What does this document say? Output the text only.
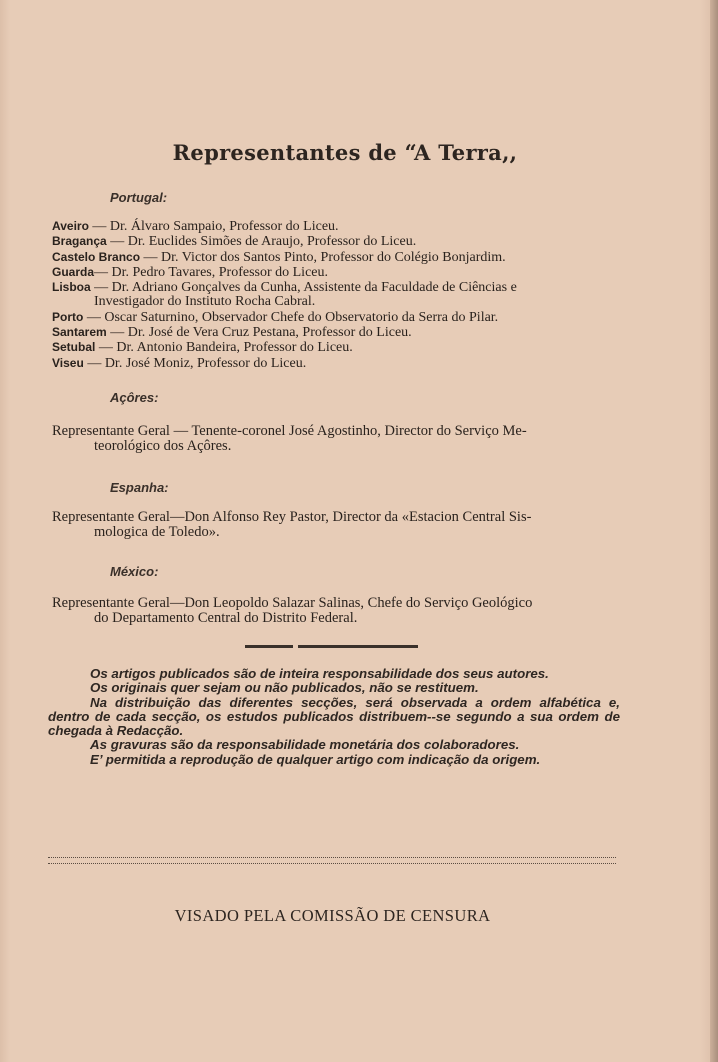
Representantes de “A Terra,,
Portugal:
Aveiro — Dr. Álvaro Sampaio, Professor do Liceu.
Bragança — Dr. Euclides Simões de Araujo, Professor do Liceu.
Castelo Branco — Dr. Victor dos Santos Pinto, Professor do Colégio Bonjardim.
Guarda— Dr. Pedro Tavares, Professor do Liceu.
Lisboa — Dr. Adriano Gonçalves da Cunha, Assistente da Faculdade de Ciências e
Investigador do Instituto Rocha Cabral.
Porto — Oscar Saturnino, Observador Chefe do Observatorio da Serra do Pilar.
Santarem — Dr. José de Vera Cruz Pestana, Professor do Liceu.
Setubal — Dr. Antonio Bandeira, Professor do Liceu.
Viseu — Dr. José Moniz, Professor do Liceu.
Açôres:
Representante Geral — Tenente-coronel José Agostinho, Director do Serviço Me-
teorológico dos Açôres.
Espanha:
Representante Geral—Don Alfonso Rey Pastor, Director da «Estacion Central Sis-
mologica de Toledo».
México:
Representante Geral—Don Leopoldo Salazar Salinas, Chefe do Serviço Geológico
do Departamento Central do Distrito Federal.

Os artigos publicados são de inteira responsabilidade dos seus autores.

Os originais quer sejam ou não publicados, não se restituem.

Na distribuição das diferentes secções, será observada a ordem alfabética e, dentro de cada secção, os estudos publicados distribuem--se segundo a sua ordem de chegada à Redacção.

As gravuras são da responsabilidade monetária dos colaboradores.

E’ permitida a reprodução de qualquer artigo com indicação da origem.

VISADO PELA COMISSÃO DE CENSURA
